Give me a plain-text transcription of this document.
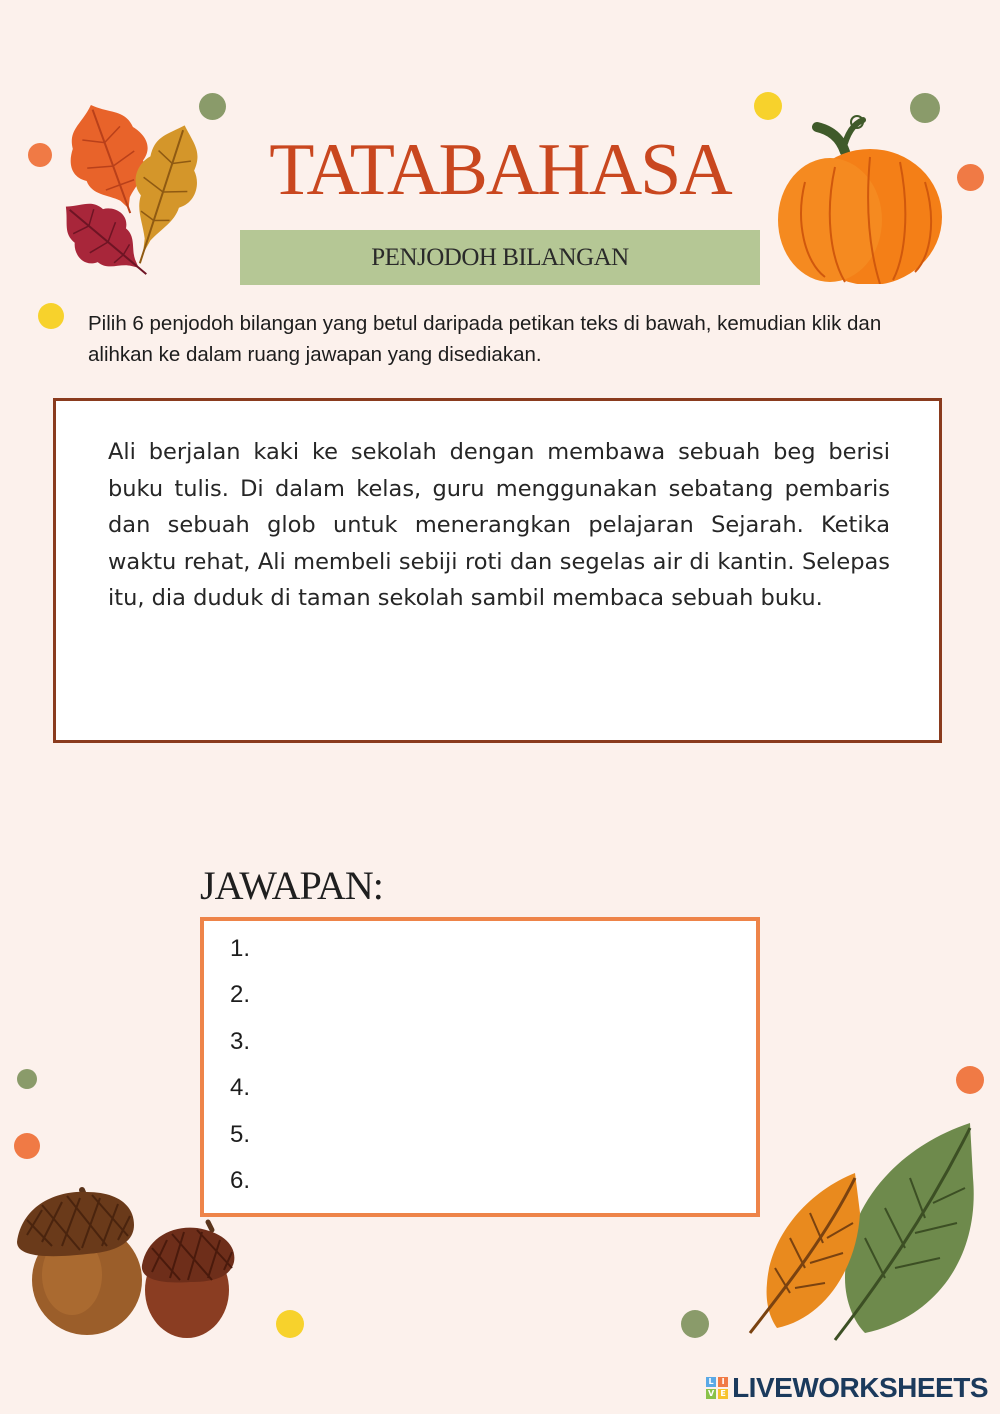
TATABAHASA
PENJODOH BILANGAN
Pilih 6 penjodoh bilangan yang betul daripada petikan teks di bawah, kemudian klik dan alihkan ke dalam ruang jawapan yang disediakan.
Ali berjalan kaki ke sekolah dengan membawa sebuah beg berisi buku tulis. Di dalam kelas, guru menggunakan sebatang pembaris dan sebuah glob untuk menerangkan pelajaran Sejarah. Ketika waktu rehat, Ali membeli sebiji roti dan segelas air di kantin. Selepas itu, dia duduk di taman sekolah sambil membaca sebuah buku.
JAWAPAN:
1.
2.
3.
4.
5.
6.
L I
V E LIVEWORKSHEETS
